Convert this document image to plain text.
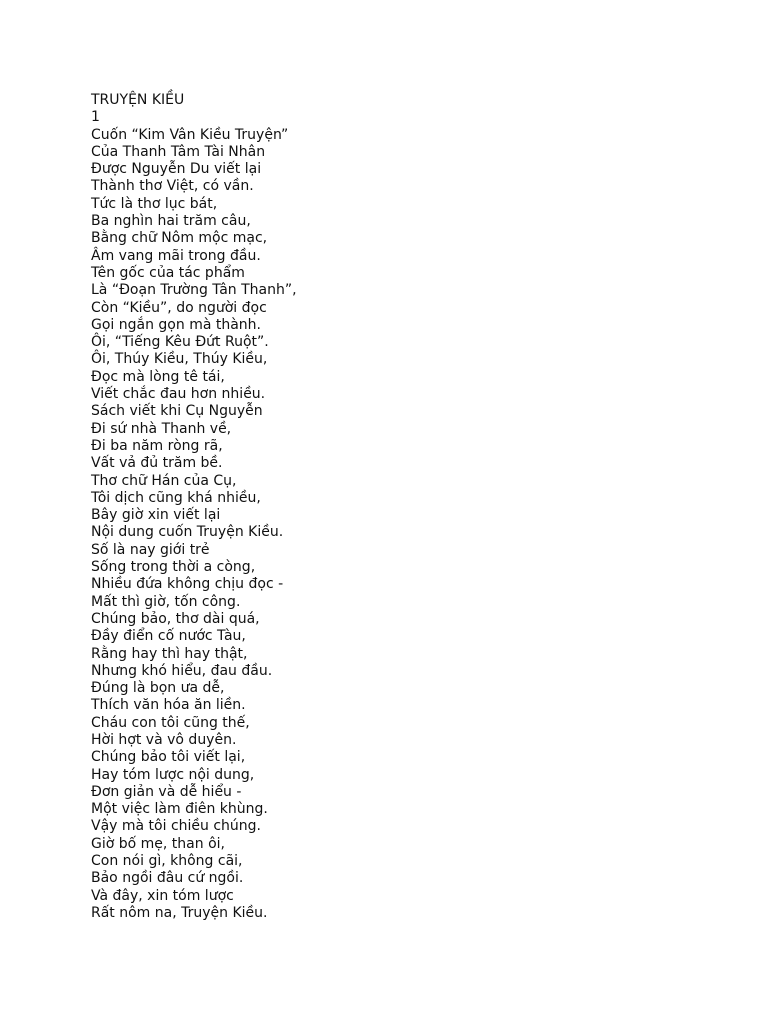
TRUYỆN KIỀU
1
Cuốn “Kim Vân Kiều Truyện”
Của Thanh Tâm Tài Nhân
Được Nguyễn Du viết lại
Thành thơ Việt, có vần.
Tức là thơ lục bát,
Ba nghìn hai trăm câu,
Bằng chữ Nôm mộc mạc,
Âm vang mãi trong đầu.
Tên gốc của tác phẩm
Là “Đoạn Trường Tân Thanh”,
Còn “Kiều”, do người đọc
Gọi ngắn gọn mà thành.
Ôi, “Tiếng Kêu Đứt Ruột”.
Ôi, Thúy Kiều, Thúy Kiều,
Đọc mà lòng tê tái,
Viết chắc đau hơn nhiều.
Sách viết khi Cụ Nguyễn
Đi sứ nhà Thanh về,
Đi ba năm ròng rã,
Vất vả đủ trăm bề.
Thơ chữ Hán của Cụ,
Tôi dịch cũng khá nhiều,
Bây giờ xin viết lại
Nội dung cuốn Truyện Kiều.
Số là nay giới trẻ
Sống trong thời a còng,
Nhiều đứa không chịu đọc -
Mất thì giờ, tốn công.
Chúng bảo, thơ dài quá,
Đầy điển cố nước Tàu,
Rằng hay thì hay thật,
Nhưng khó hiểu, đau đầu.
Đúng là bọn ưa dễ,
Thích văn hóa ăn liền.
Cháu con tôi cũng thế,
Hời hợt và vô duyên.
Chúng bảo tôi viết lại,
Hay tóm lược nội dung,
Đơn giản và dễ hiểu -
Một việc làm điên khùng.
Vậy mà tôi chiều chúng.
Giờ bố mẹ, than ôi,
Con nói gì, không cãi,
Bảo ngồi đâu cứ ngồi.
Và đây, xin tóm lược
Rất nôm na, Truyện Kiều.
